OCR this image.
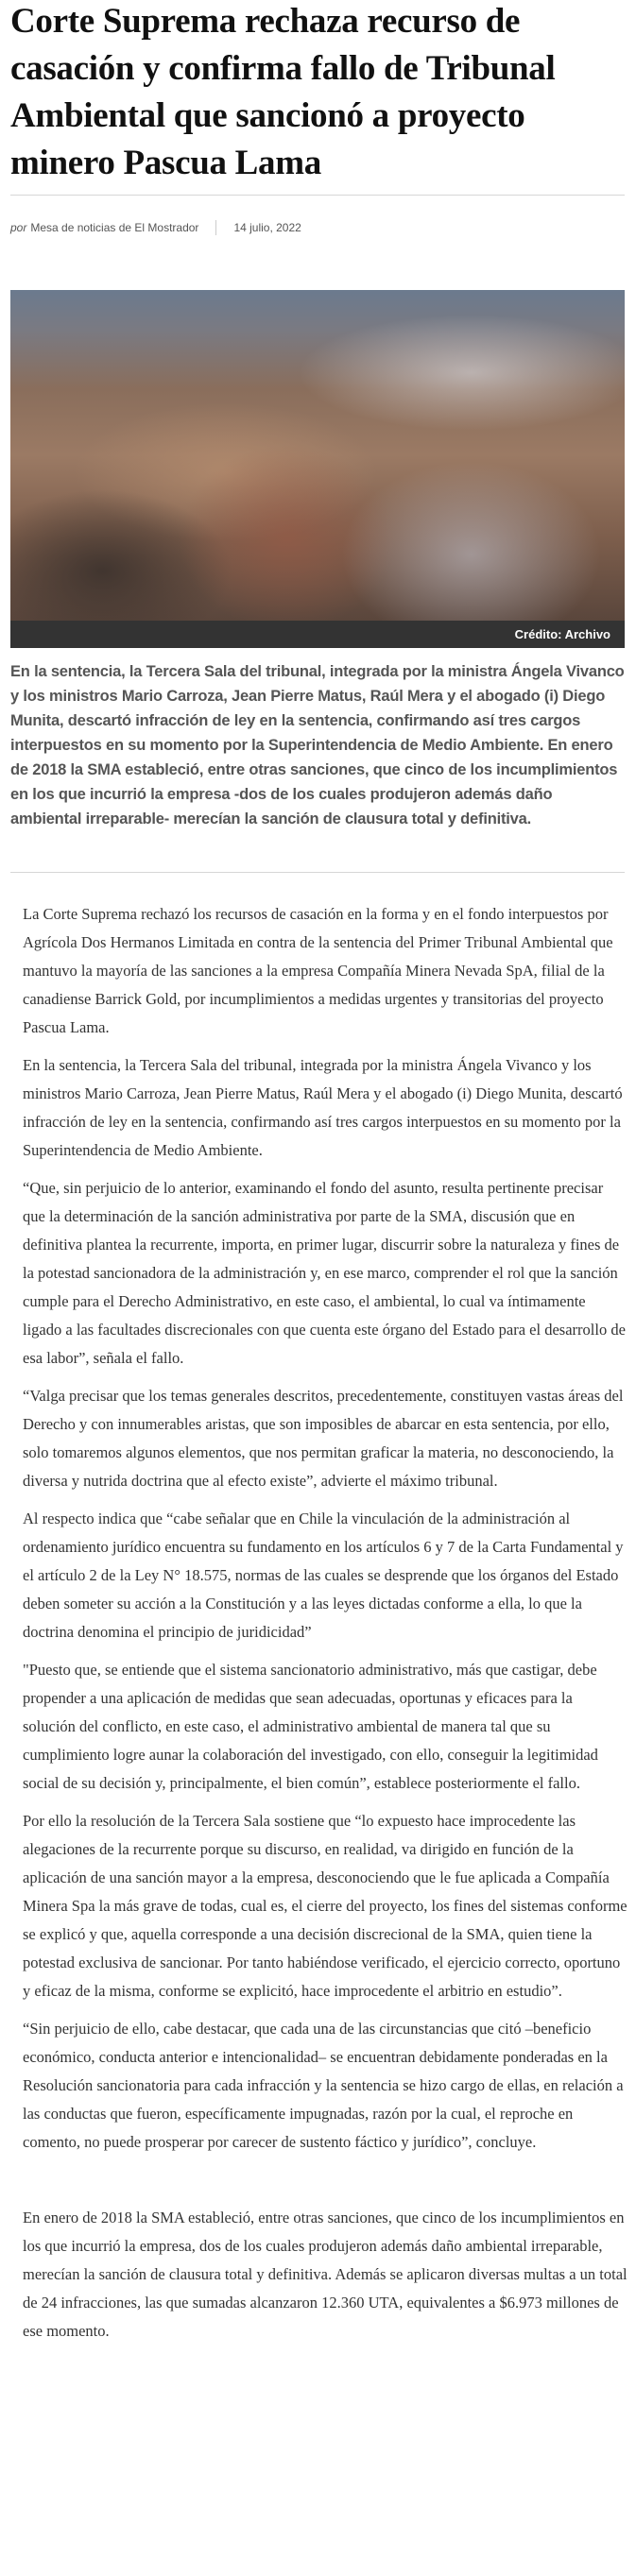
Corte Suprema rechaza recurso de casación y confirma fallo de Tribunal Ambiental que sancionó a proyecto minero Pascua Lama
por Mesa de noticias de El Mostrador	14 julio, 2022
Crédito: Archivo

En la sentencia, la Tercera Sala del tribunal, integrada por la ministra Ángela Vivanco y los ministros Mario Carroza, Jean Pierre Matus, Raúl Mera y el abogado (i) Diego Munita, descartó infracción de ley en la sentencia, confirmando así tres cargos interpuestos en su momento por la Superintendencia de Medio Ambiente. En enero de 2018 la SMA estableció, entre otras sanciones, que cinco de los incumplimientos en los que incurrió la empresa -dos de los cuales produjeron además daño ambiental irreparable- merecían la sanción de clausura total y definitiva.

La Corte Suprema rechazó los recursos de casación en la forma y en el fondo interpuestos por Agrícola Dos Hermanos Limitada en contra de la sentencia del Primer Tribunal Ambiental que mantuvo la mayoría de las sanciones a la empresa Compañía Minera Nevada SpA, filial de la canadiense Barrick Gold, por incumplimientos a medidas urgentes y transitorias del proyecto Pascua Lama.

En la sentencia, la Tercera Sala del tribunal, integrada por la ministra Ángela Vivanco y los ministros Mario Carroza, Jean Pierre Matus, Raúl Mera y el abogado (i) Diego Munita, descartó infracción de ley en la sentencia, confirmando así tres cargos interpuestos en su momento por la Superintendencia de Medio Ambiente.

“Que, sin perjuicio de lo anterior, examinando el fondo del asunto, resulta pertinente precisar que la determinación de la sanción administrativa por parte de la SMA, discusión que en definitiva plantea la recurrente, importa, en primer lugar, discurrir sobre la naturaleza y fines de la potestad sancionadora de la administración y, en ese marco, comprender el rol que la sanción cumple para el Derecho Administrativo, en este caso, el ambiental, lo cual va íntimamente ligado a las facultades discrecionales con que cuenta este órgano del Estado para el desarrollo de esa labor”, señala el fallo.

“Valga precisar que los temas generales descritos, precedentemente, constituyen vastas áreas del Derecho y con innumerables aristas, que son imposibles de abarcar en esta sentencia, por ello, solo tomaremos algunos elementos, que nos permitan graficar la materia, no desconociendo, la diversa y nutrida doctrina que al efecto existe”, advierte el máximo tribunal.

Al respecto indica que “cabe señalar que en Chile la vinculación de la administración al ordenamiento jurídico encuentra su fundamento en los artículos 6 y 7 de la Carta Fundamental y el artículo 2 de la Ley N° 18.575, normas de las cuales se desprende que los órganos del Estado deben someter su acción a la Constitución y a las leyes dictadas conforme a ella, lo que la doctrina denomina el principio de juridicidad”

"Puesto que, se entiende que el sistema sancionatorio administrativo, más que castigar, debe propender a una aplicación de medidas que sean adecuadas, oportunas y eficaces para la solución del conflicto, en este caso, el administrativo ambiental de manera tal que su cumplimiento logre aunar la colaboración del investigado, con ello, conseguir la legitimidad social de su decisión y, principalmente, el bien común”, establece posteriormente el fallo.

Por ello la resolución de la Tercera Sala sostiene que “lo expuesto hace improcedente las alegaciones de la recurrente porque su discurso, en realidad, va dirigido en función de la aplicación de una sanción mayor a la empresa, desconociendo que le fue aplicada a Compañía Minera Spa la más grave de todas, cual es, el cierre del proyecto, los fines del sistemas conforme se explicó y que, aquella corresponde a una decisión discrecional de la SMA, quien tiene la potestad exclusiva de sancionar. Por tanto habiéndose verificado, el ejercicio correcto, oportuno y eficaz de la misma, conforme se explicitó, hace improcedente el arbitrio en estudio”.

“Sin perjuicio de ello, cabe destacar, que cada una de las circunstancias que citó –beneficio económico, conducta anterior e intencionalidad– se encuentran debidamente ponderadas en la Resolución sancionatoria para cada infracción y la sentencia se hizo cargo de ellas, en relación a las conductas que fueron, específicamente impugnadas, razón por la cual, el reproche en comento, no puede prosperar por carecer de sustento fáctico y jurídico”, concluye.

En enero de 2018 la SMA estableció, entre otras sanciones, que cinco de los incumplimientos en los que incurrió la empresa, dos de los cuales produjeron además daño ambiental irreparable, merecían la sanción de clausura total y definitiva. Además se aplicaron diversas multas a un total de 24 infracciones, las que sumadas alcanzaron 12.360 UTA, equivalentes a $6.973 millones de ese momento.
